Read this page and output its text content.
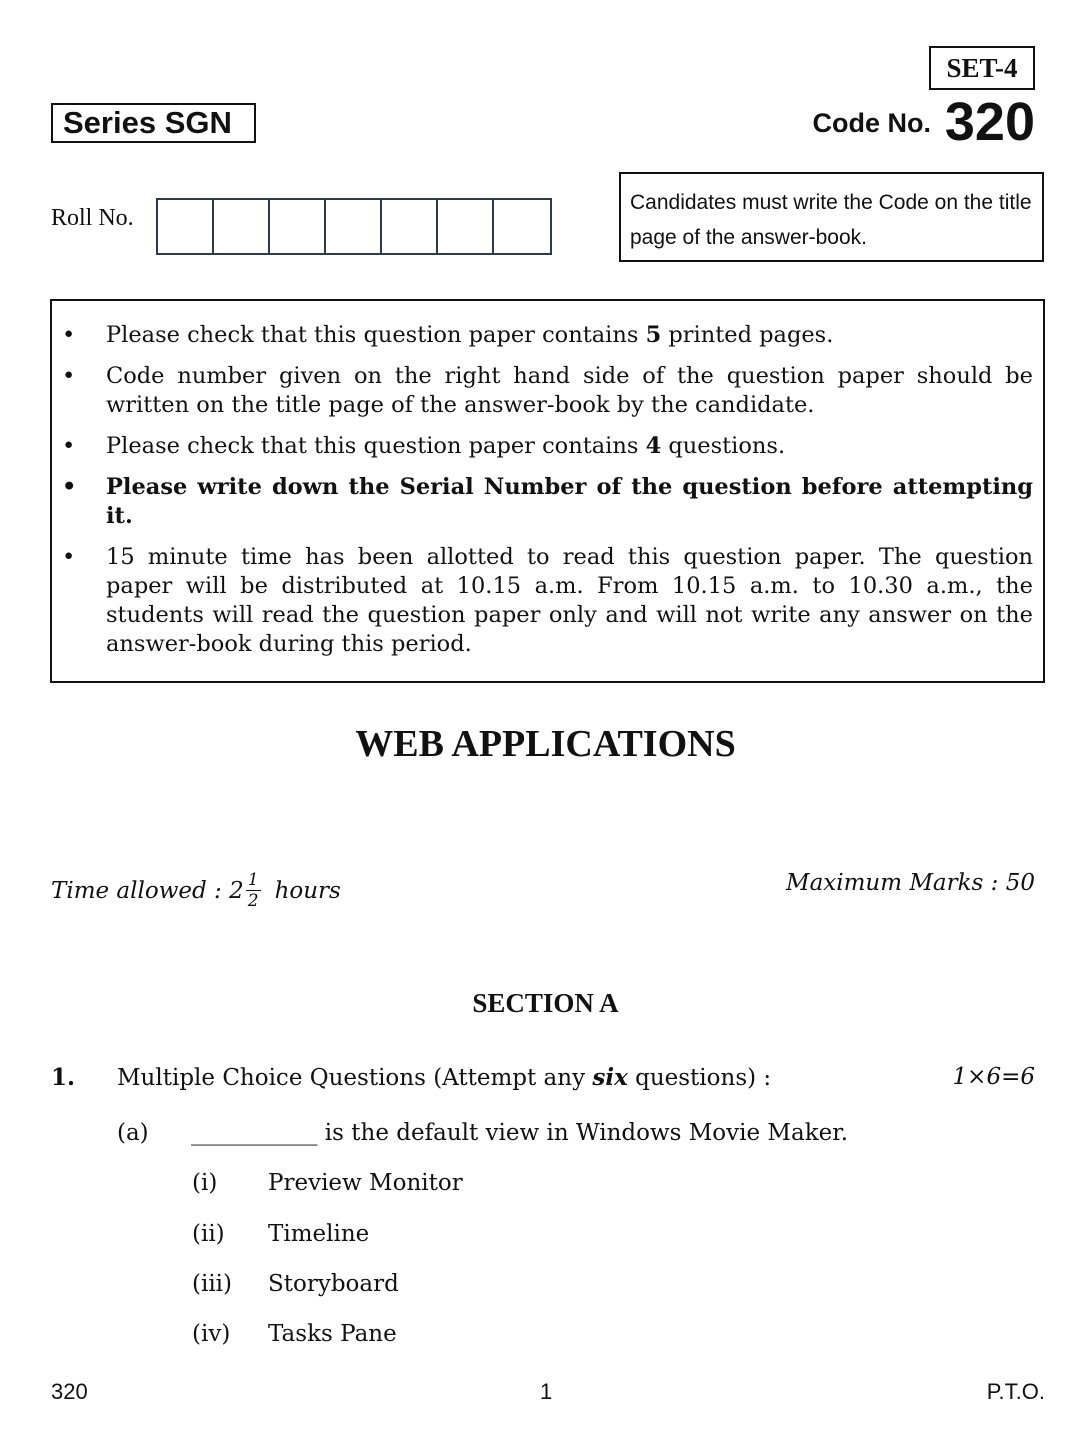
SET-4
Series SGN	Code No. 320
Roll No.
Candidates must write the Code on the title page of the answer-book.
• Please check that this question paper contains 5 printed pages.
• Code number given on the right hand side of the question paper should be written on the title page of the answer-book by the candidate.
• Please check that this question paper contains 4 questions.
• Please write down the Serial Number of the question before attempting it.
• 15 minute time has been allotted to read this question paper. The question paper will be distributed at 10.15 a.m. From 10.15 a.m. to 10.30 a.m., the students will read the question paper only and will not write any answer on the answer-book during this period.
WEB APPLICATIONS
Time allowed : $2 \frac{1}{2}$ hours	Maximum Marks : 50
SECTION A
1. Multiple Choice Questions (Attempt any six questions) :	1×6=6
(a) ___________ is the default view in Windows Movie Maker.
(i) Preview Monitor
(ii) Timeline
(iii) Storyboard
(iv) Tasks Pane
320	1	P.T.O.
